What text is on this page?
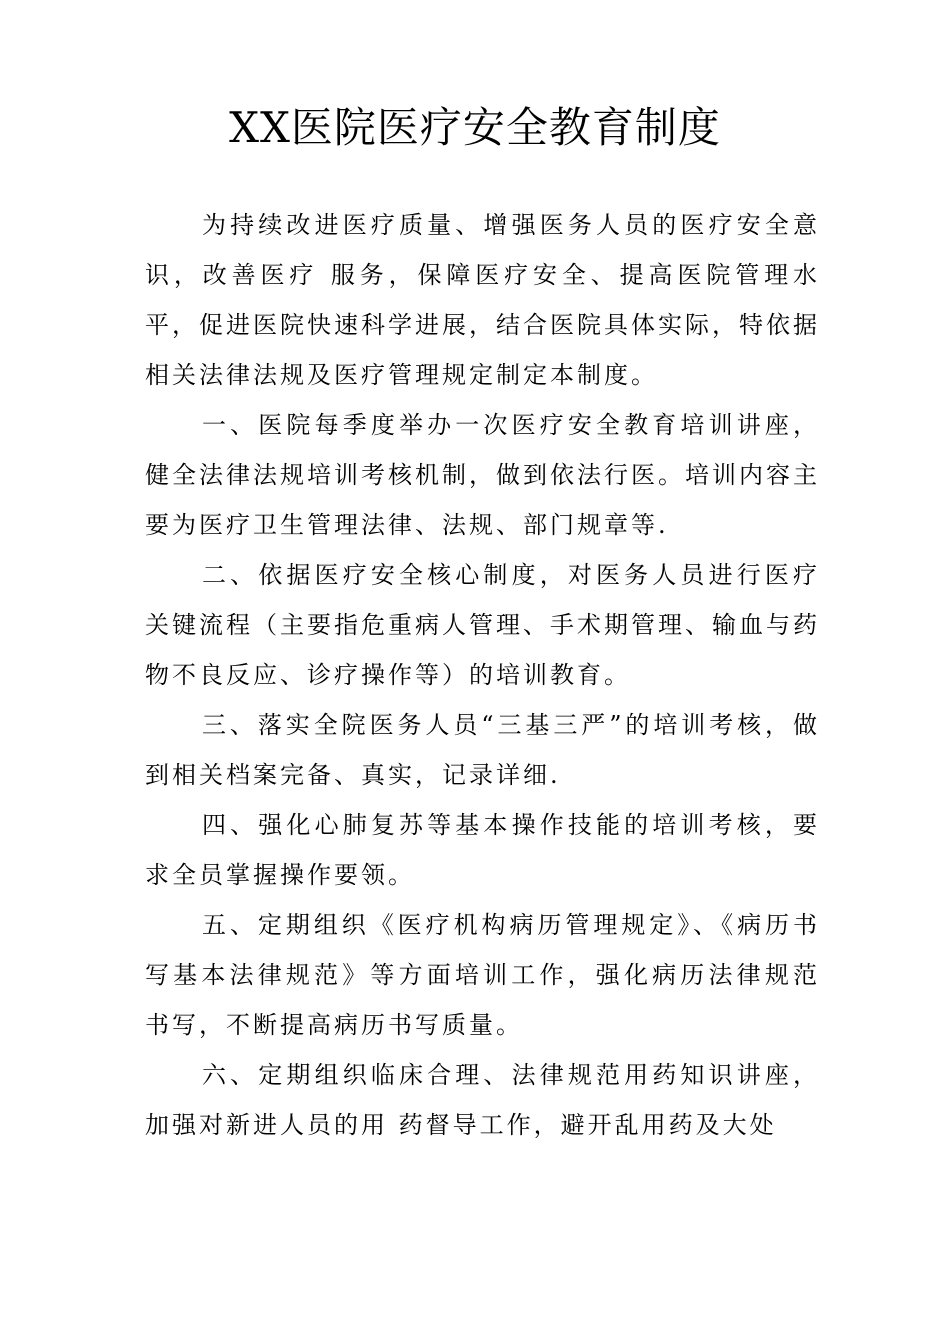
XX医院医疗安全教育制度

为持续改进医疗质量、增强医务人员的医疗安全意识，改善医疗 服务，保障医疗安全、提高医院管理水平，促进医院快速科学进展，结合医院具体实际，特依据相关法律法规及医疗管理规定制定本制度。

一、医院每季度举办一次医疗安全教育培训讲座，健全法律法规培训考核机制，做到依法行医。培训内容主要为医疗卫生管理法律、法规、部门规章等.

二、依据医疗安全核心制度，对医务人员进行医疗关键流程（主要指危重病人管理、手术期管理、输血与药物不良反应、诊疗操作等）的培训教育。

三、落实全院医务人员“三基三严”的培训考核，做到相关档案完备、真实，记录详细.

四、强化心肺复苏等基本操作技能的培训考核，要求全员掌握操作要领。

五、定期组织《医疗机构病历管理规定》、《病历书写基本法律规范》等方面培训工作，强化病历法律规范 书写，不断提高病历书写质量。

六、定期组织临床合理、法律规范用药知识讲座，加强对新进人员的用 药督导工作，避开乱用药及大处
